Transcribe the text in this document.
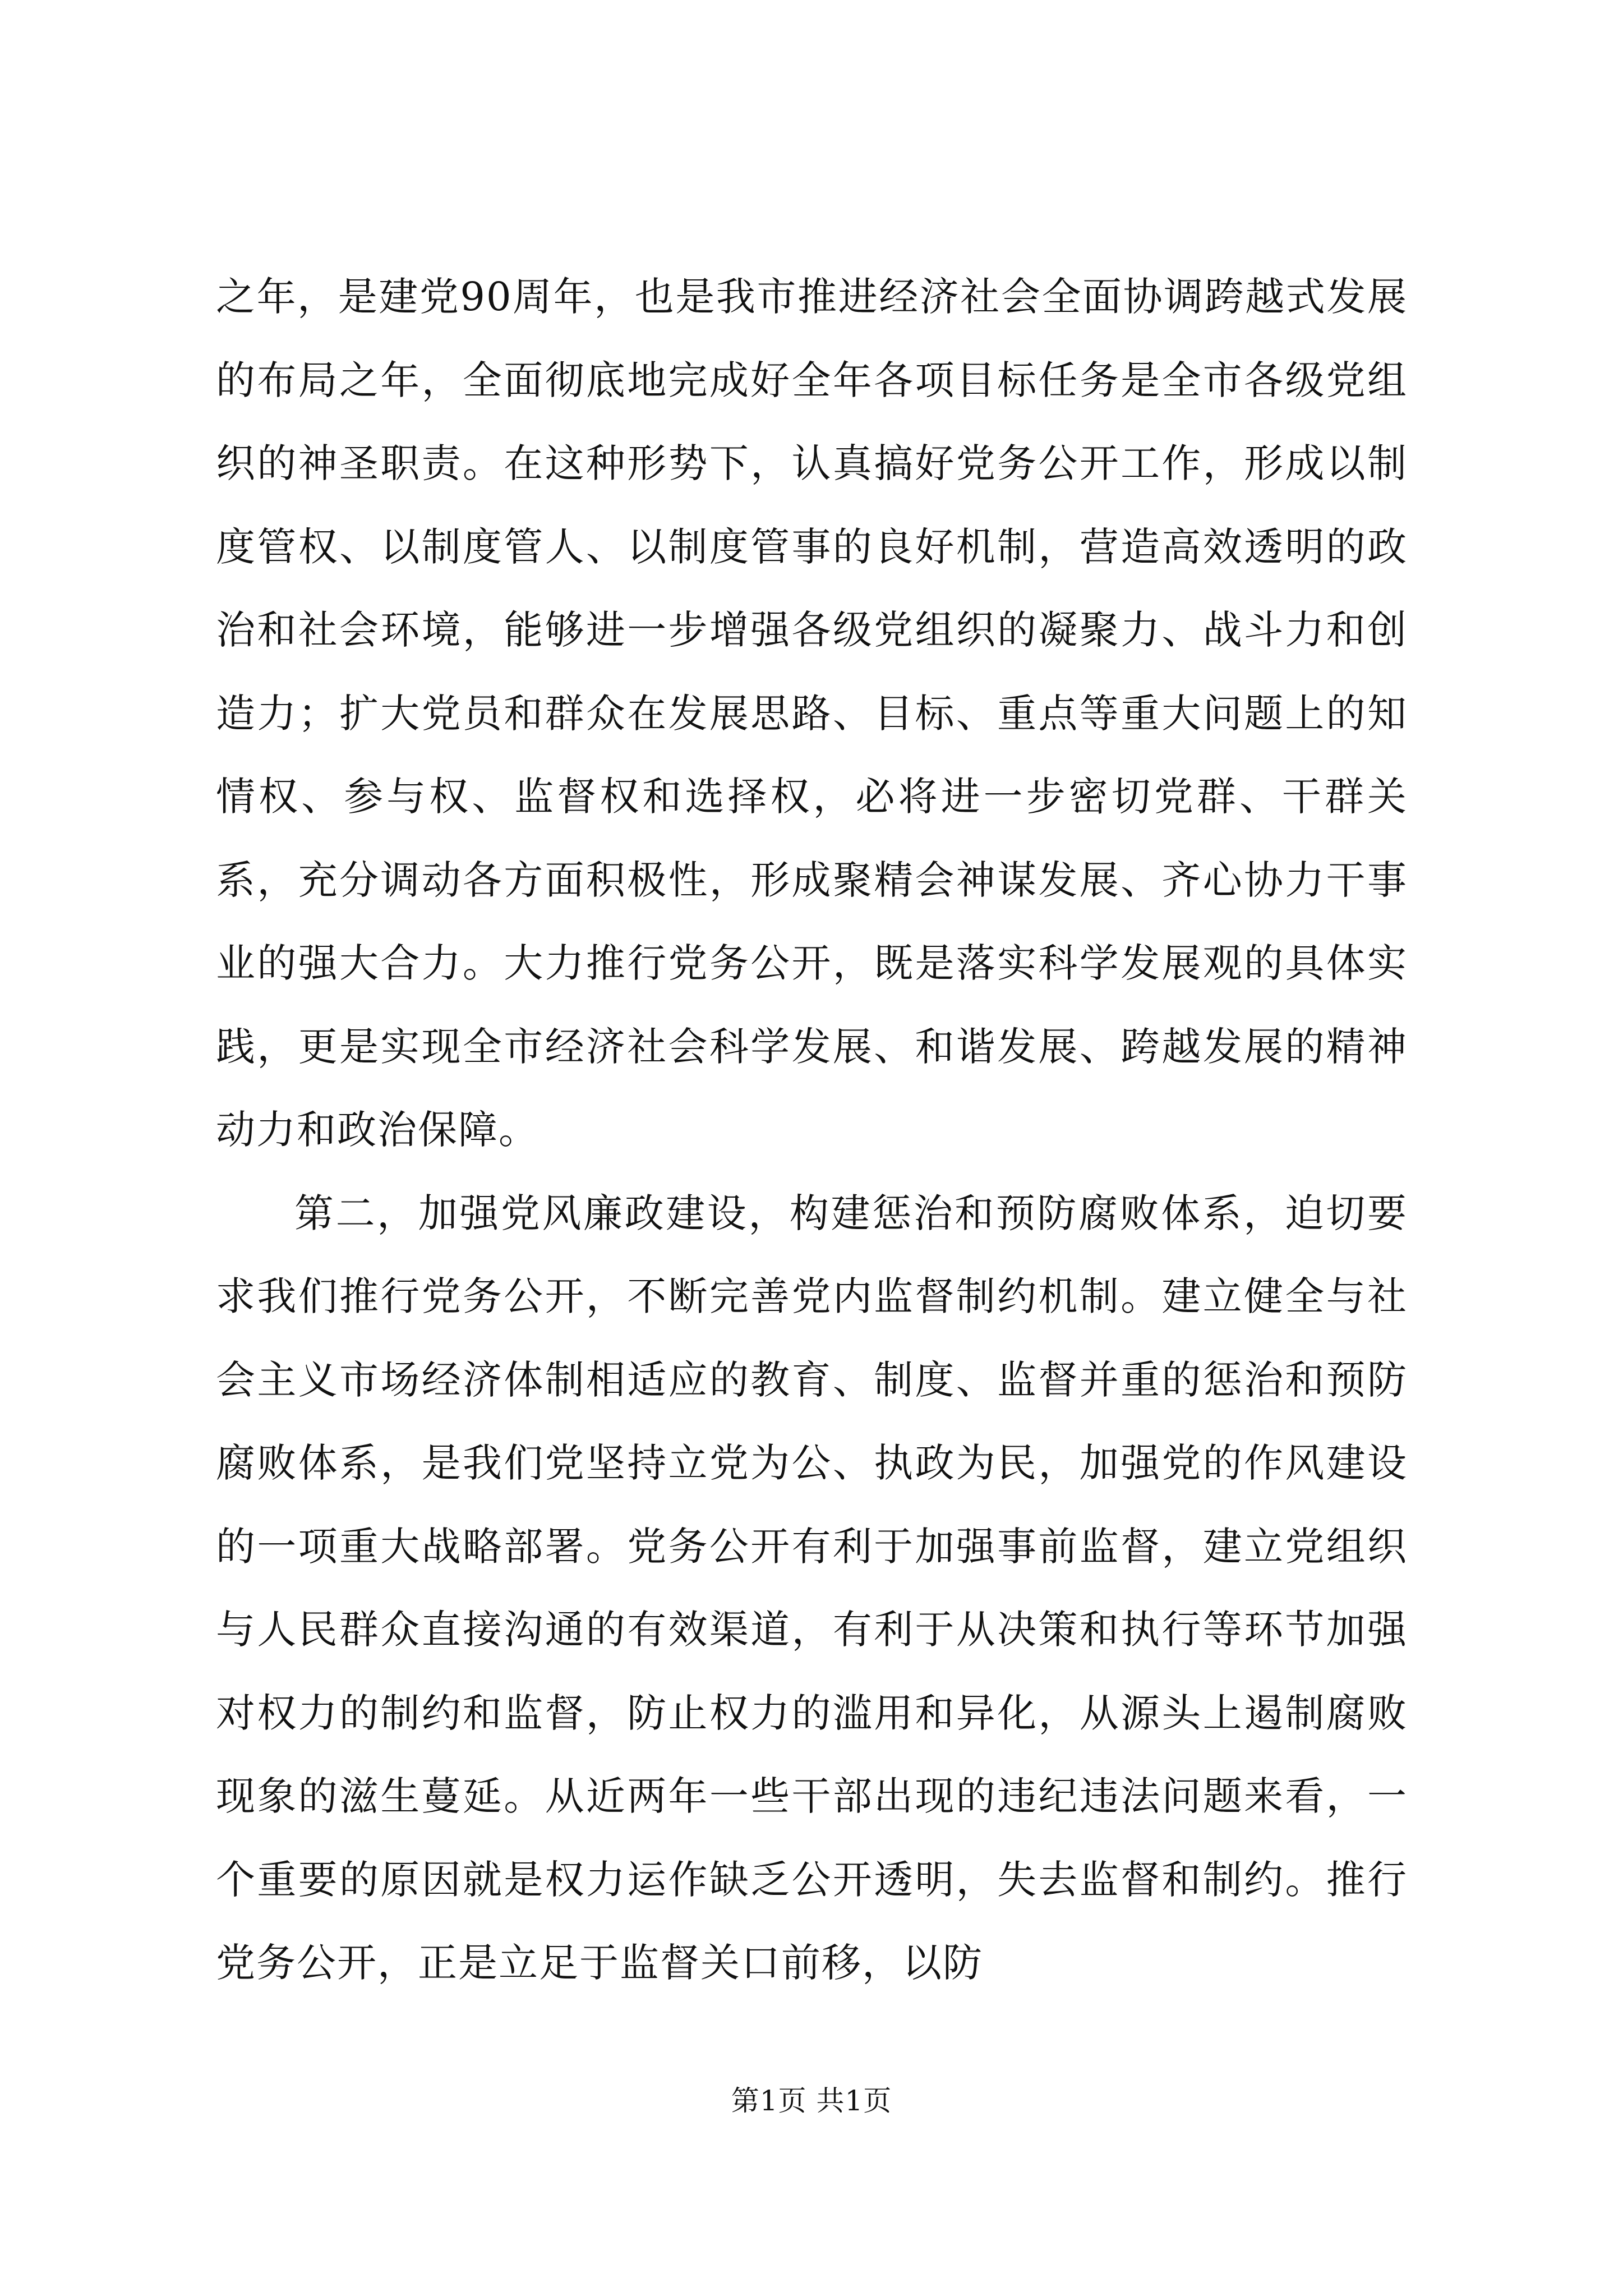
之年，是建党90周年，也是我市推进经济社会全面协调跨越式发展的布局之年，全面彻底地完成好全年各项目标任务是全市各级党组织的神圣职责。在这种形势下，认真搞好党务公开工作，形成以制度管权、以制度管人、以制度管事的良好机制，营造高效透明的政治和社会环境，能够进一步增强各级党组织的凝聚力、战斗力和创造力；扩大党员和群众在发展思路、目标、重点等重大问题上的知情权、参与权、监督权和选择权，必将进一步密切党群、干群关系，充分调动各方面积极性，形成聚精会神谋发展、齐心协力干事业的强大合力。大力推行党务公开，既是落实科学发展观的具体实践，更是实现全市经济社会科学发展、和谐发展、跨越发展的精神动力和政治保障。

第二，加强党风廉政建设，构建惩治和预防腐败体系，迫切要求我们推行党务公开，不断完善党内监督制约机制。建立健全与社会主义市场经济体制相适应的教育、制度、监督并重的惩治和预防腐败体系，是我们党坚持立党为公、执政为民，加强党的作风建设的一项重大战略部署。党务公开有利于加强事前监督，建立党组织与人民群众直接沟通的有效渠道，有利于从决策和执行等环节加强对权力的制约和监督，防止权力的滥用和异化，从源头上遏制腐败现象的滋生蔓延。从近两年一些干部出现的违纪违法问题来看，一个重要的原因就是权力运作缺乏公开透明，失去监督和制约。推行党务公开，正是立足于监督关口前移，以防

第1页 共1页
